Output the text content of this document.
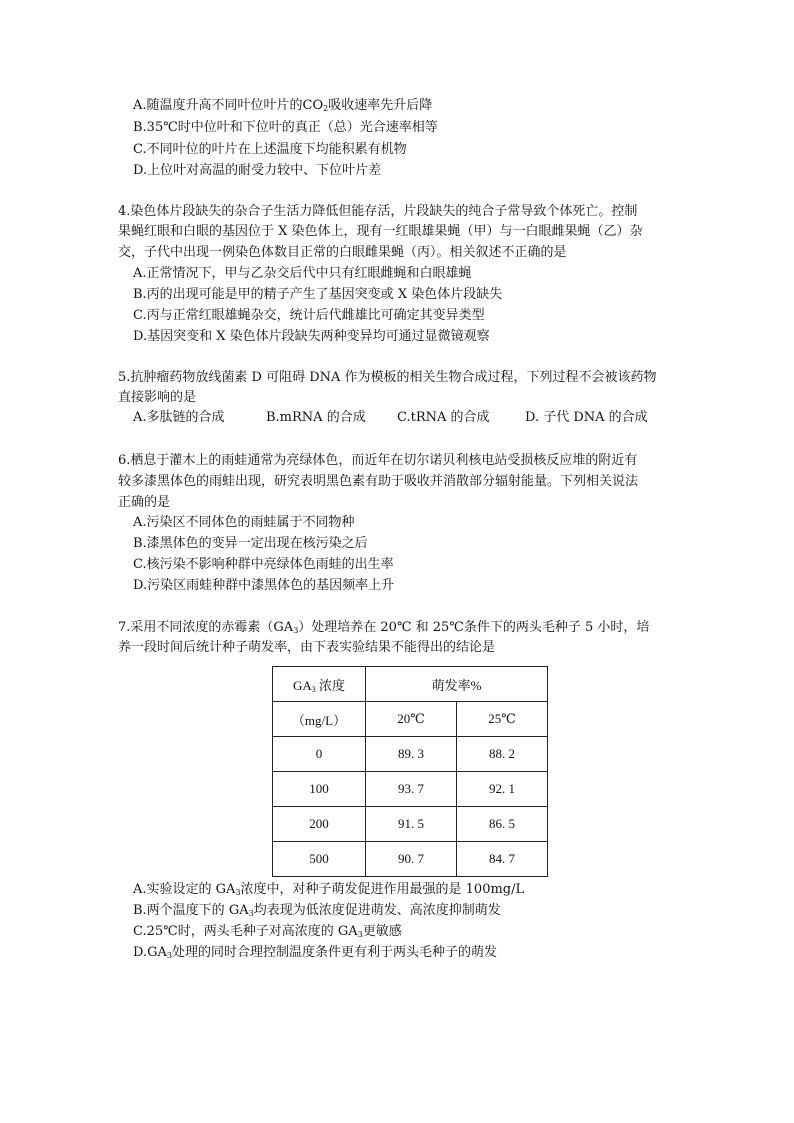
A.随温度升高不同叶位叶片的$CO_2$吸收速率先升后降
B.35℃时中位叶和下位叶的真正（总）光合速率相等
C.不同叶位的叶片在上述温度下均能积累有机物
D.上位叶对高温的耐受力较中、下位叶片差
4.染色体片段缺失的杂合子生活力降低但能存活，片段缺失的纯合子常导致个体死亡。控制
果蝇红眼和白眼的基因位于 X 染色体上，现有一红眼雄果蝇（甲）与一白眼雌果蝇（乙）杂
交，子代中出现一例染色体数目正常的白眼雌果蝇（丙）。相关叙述不正确的是
A.正常情况下，甲与乙杂交后代中只有红眼雌蝇和白眼雄蝇
B.丙的出现可能是甲的精子产生了基因突变或 X 染色体片段缺失
C.丙与正常红眼雄蝇杂交，统计后代雌雄比可确定其变异类型
D.基因突变和 X 染色体片段缺失两种变异均可通过显微镜观察
5.抗肿瘤药物放线菌素 D 可阻碍 DNA 作为模板的相关生物合成过程，下列过程不会被该药物
直接影响的是
A.多肽链的合成	B.mRNA 的合成 C.tRNA 的合成	D. 子代 DNA 的合成
6.栖息于灌木上的雨蛙通常为亮绿体色，而近年在切尔诺贝利核电站受损核反应堆的附近有
较多漆黑体色的雨蛙出现，研究表明黑色素有助于吸收并消散部分辐射能量。下列相关说法
正确的是
A.污染区不同体色的雨蛙属于不同物种
B.漆黑体色的变异一定出现在核污染之后
C.核污染不影响种群中亮绿体色雨蛙的出生率
D.污染区雨蛙种群中漆黑体色的基因频率上升
7.采用不同浓度的赤霉素$(GA_3)$处理培养在 20℃ 和 25℃条件下的两头毛种子 5 小时，培
养一段时间后统计种子萌发率，由下表实验结果不能得出的结论是
$GA_3$ 浓度	萌发率%	
（mg/L）	20℃	25℃
0	89. 3	88. 2
100	93. 7	92. 1
200	91. 5	86. 5
500	90. 7	84. 7
A.实验设定的 $GA_3$浓度中，对种子萌发促进作用最强的是 100mg/L
B.两个温度下的 $GA_3$均表现为低浓度促进萌发、高浓度抑制萌发
C.25℃时，两头毛种子对高浓度的 $GA_3$更敏感
$D.GA_3$处理的同时合理控制温度条件更有利于两头毛种子的萌发
